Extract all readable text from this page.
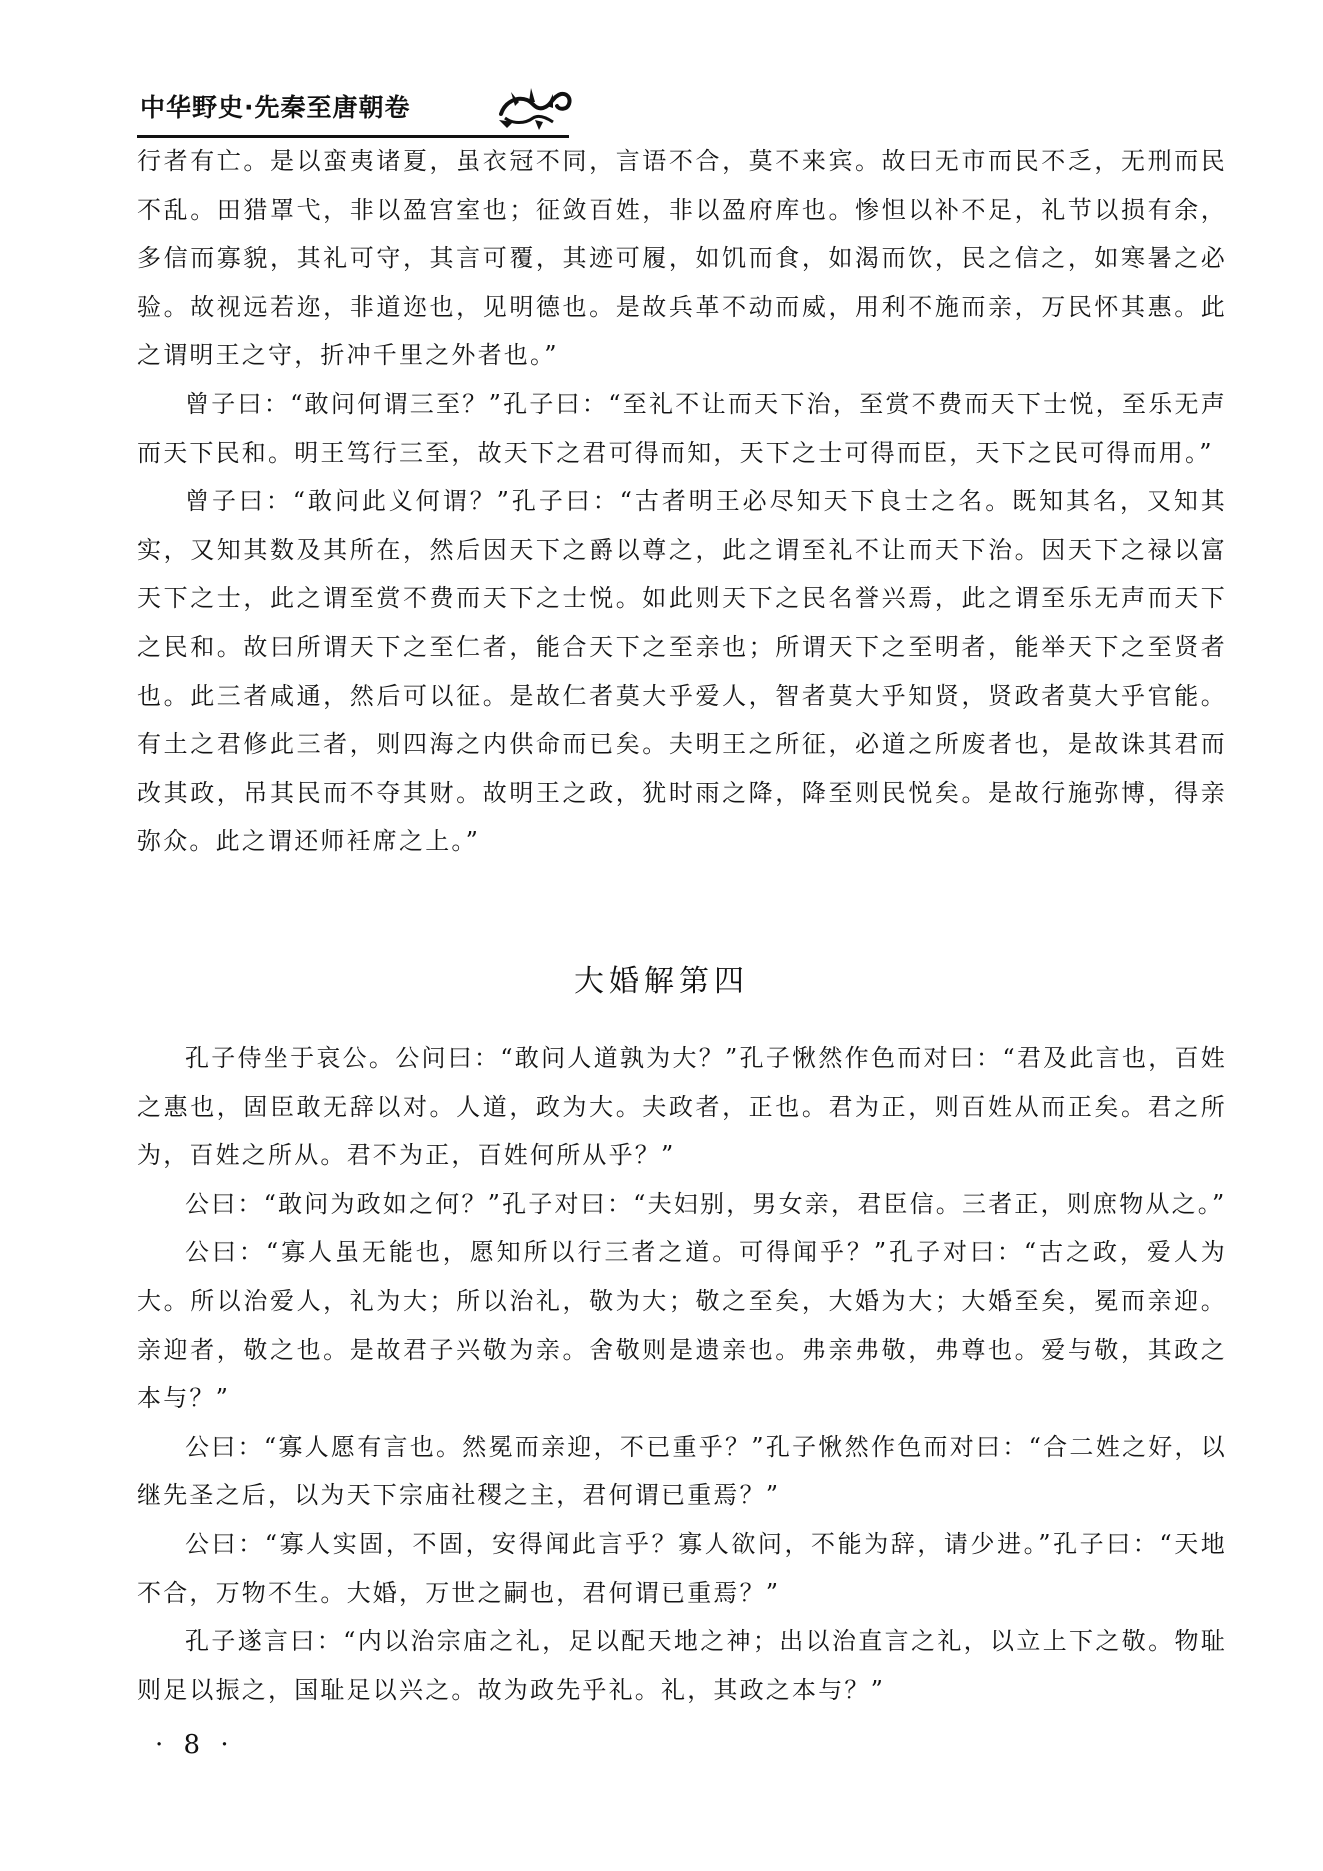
中华野史·先秦至唐朝卷

行者有亡。是以蛮夷诸夏，虽衣冠不同，言语不合，莫不来宾。故曰无市而民不乏，无刑而民不乱。田猎罩弋，非以盈宫室也；征敛百姓，非以盈府库也。惨怛以补不足，礼节以损有余，多信而寡貌，其礼可守，其言可覆，其迹可履，如饥而食，如渴而饮，民之信之，如寒暑之必验。故视远若迩，非道迩也，见明德也。是故兵革不动而威，用利不施而亲，万民怀其惠。此之谓明王之守，折冲千里之外者也。”

曾子曰：“敢问何谓三至？”孔子曰：“至礼不让而天下治，至赏不费而天下士悦，至乐无声而天下民和。明王笃行三至，故天下之君可得而知，天下之士可得而臣，天下之民可得而用。”

曾子曰：“敢问此义何谓？”孔子曰：“古者明王必尽知天下良士之名。既知其名，又知其实，又知其数及其所在，然后因天下之爵以尊之，此之谓至礼不让而天下治。因天下之禄以富天下之士，此之谓至赏不费而天下之士悦。如此则天下之民名誉兴焉，此之谓至乐无声而天下之民和。故曰所谓天下之至仁者，能合天下之至亲也；所谓天下之至明者，能举天下之至贤者也。此三者咸通，然后可以征。是故仁者莫大乎爱人，智者莫大乎知贤，贤政者莫大乎官能。有土之君修此三者，则四海之内供命而已矣。夫明王之所征，必道之所废者也，是故诛其君而改其政，吊其民而不夺其财。故明王之政，犹时雨之降，降至则民悦矣。是故行施弥博，得亲弥众。此之谓还师衽席之上。”

大婚解第四

孔子侍坐于哀公。公问曰：“敢问人道孰为大？”孔子愀然作色而对曰：“君及此言也，百姓之惠也，固臣敢无辞以对。人道，政为大。夫政者，正也。君为正，则百姓从而正矣。君之所为，百姓之所从。君不为正，百姓何所从乎？”

公曰：“敢问为政如之何？”孔子对曰：“夫妇别，男女亲，君臣信。三者正，则庶物从之。”

公曰：“寡人虽无能也，愿知所以行三者之道。可得闻乎？”孔子对曰：“古之政，爱人为大。所以治爱人，礼为大；所以治礼，敬为大；敬之至矣，大婚为大；大婚至矣，冕而亲迎。亲迎者，敬之也。是故君子兴敬为亲。舍敬则是遗亲也。弗亲弗敬，弗尊也。爱与敬，其政之本与？”

公曰：“寡人愿有言也。然冕而亲迎，不已重乎？”孔子愀然作色而对曰：“合二姓之好，以继先圣之后，以为天下宗庙社稷之主，君何谓已重焉？”

公曰：“寡人实固，不固，安得闻此言乎？寡人欲问，不能为辞，请少进。”孔子曰：“天地不合，万物不生。大婚，万世之嗣也，君何谓已重焉？”

孔子遂言曰：“内以治宗庙之礼，足以配天地之神；出以治直言之礼，以立上下之敬。物耻则足以振之，国耻足以兴之。故为政先乎礼。礼，其政之本与？”

· 8 ·
